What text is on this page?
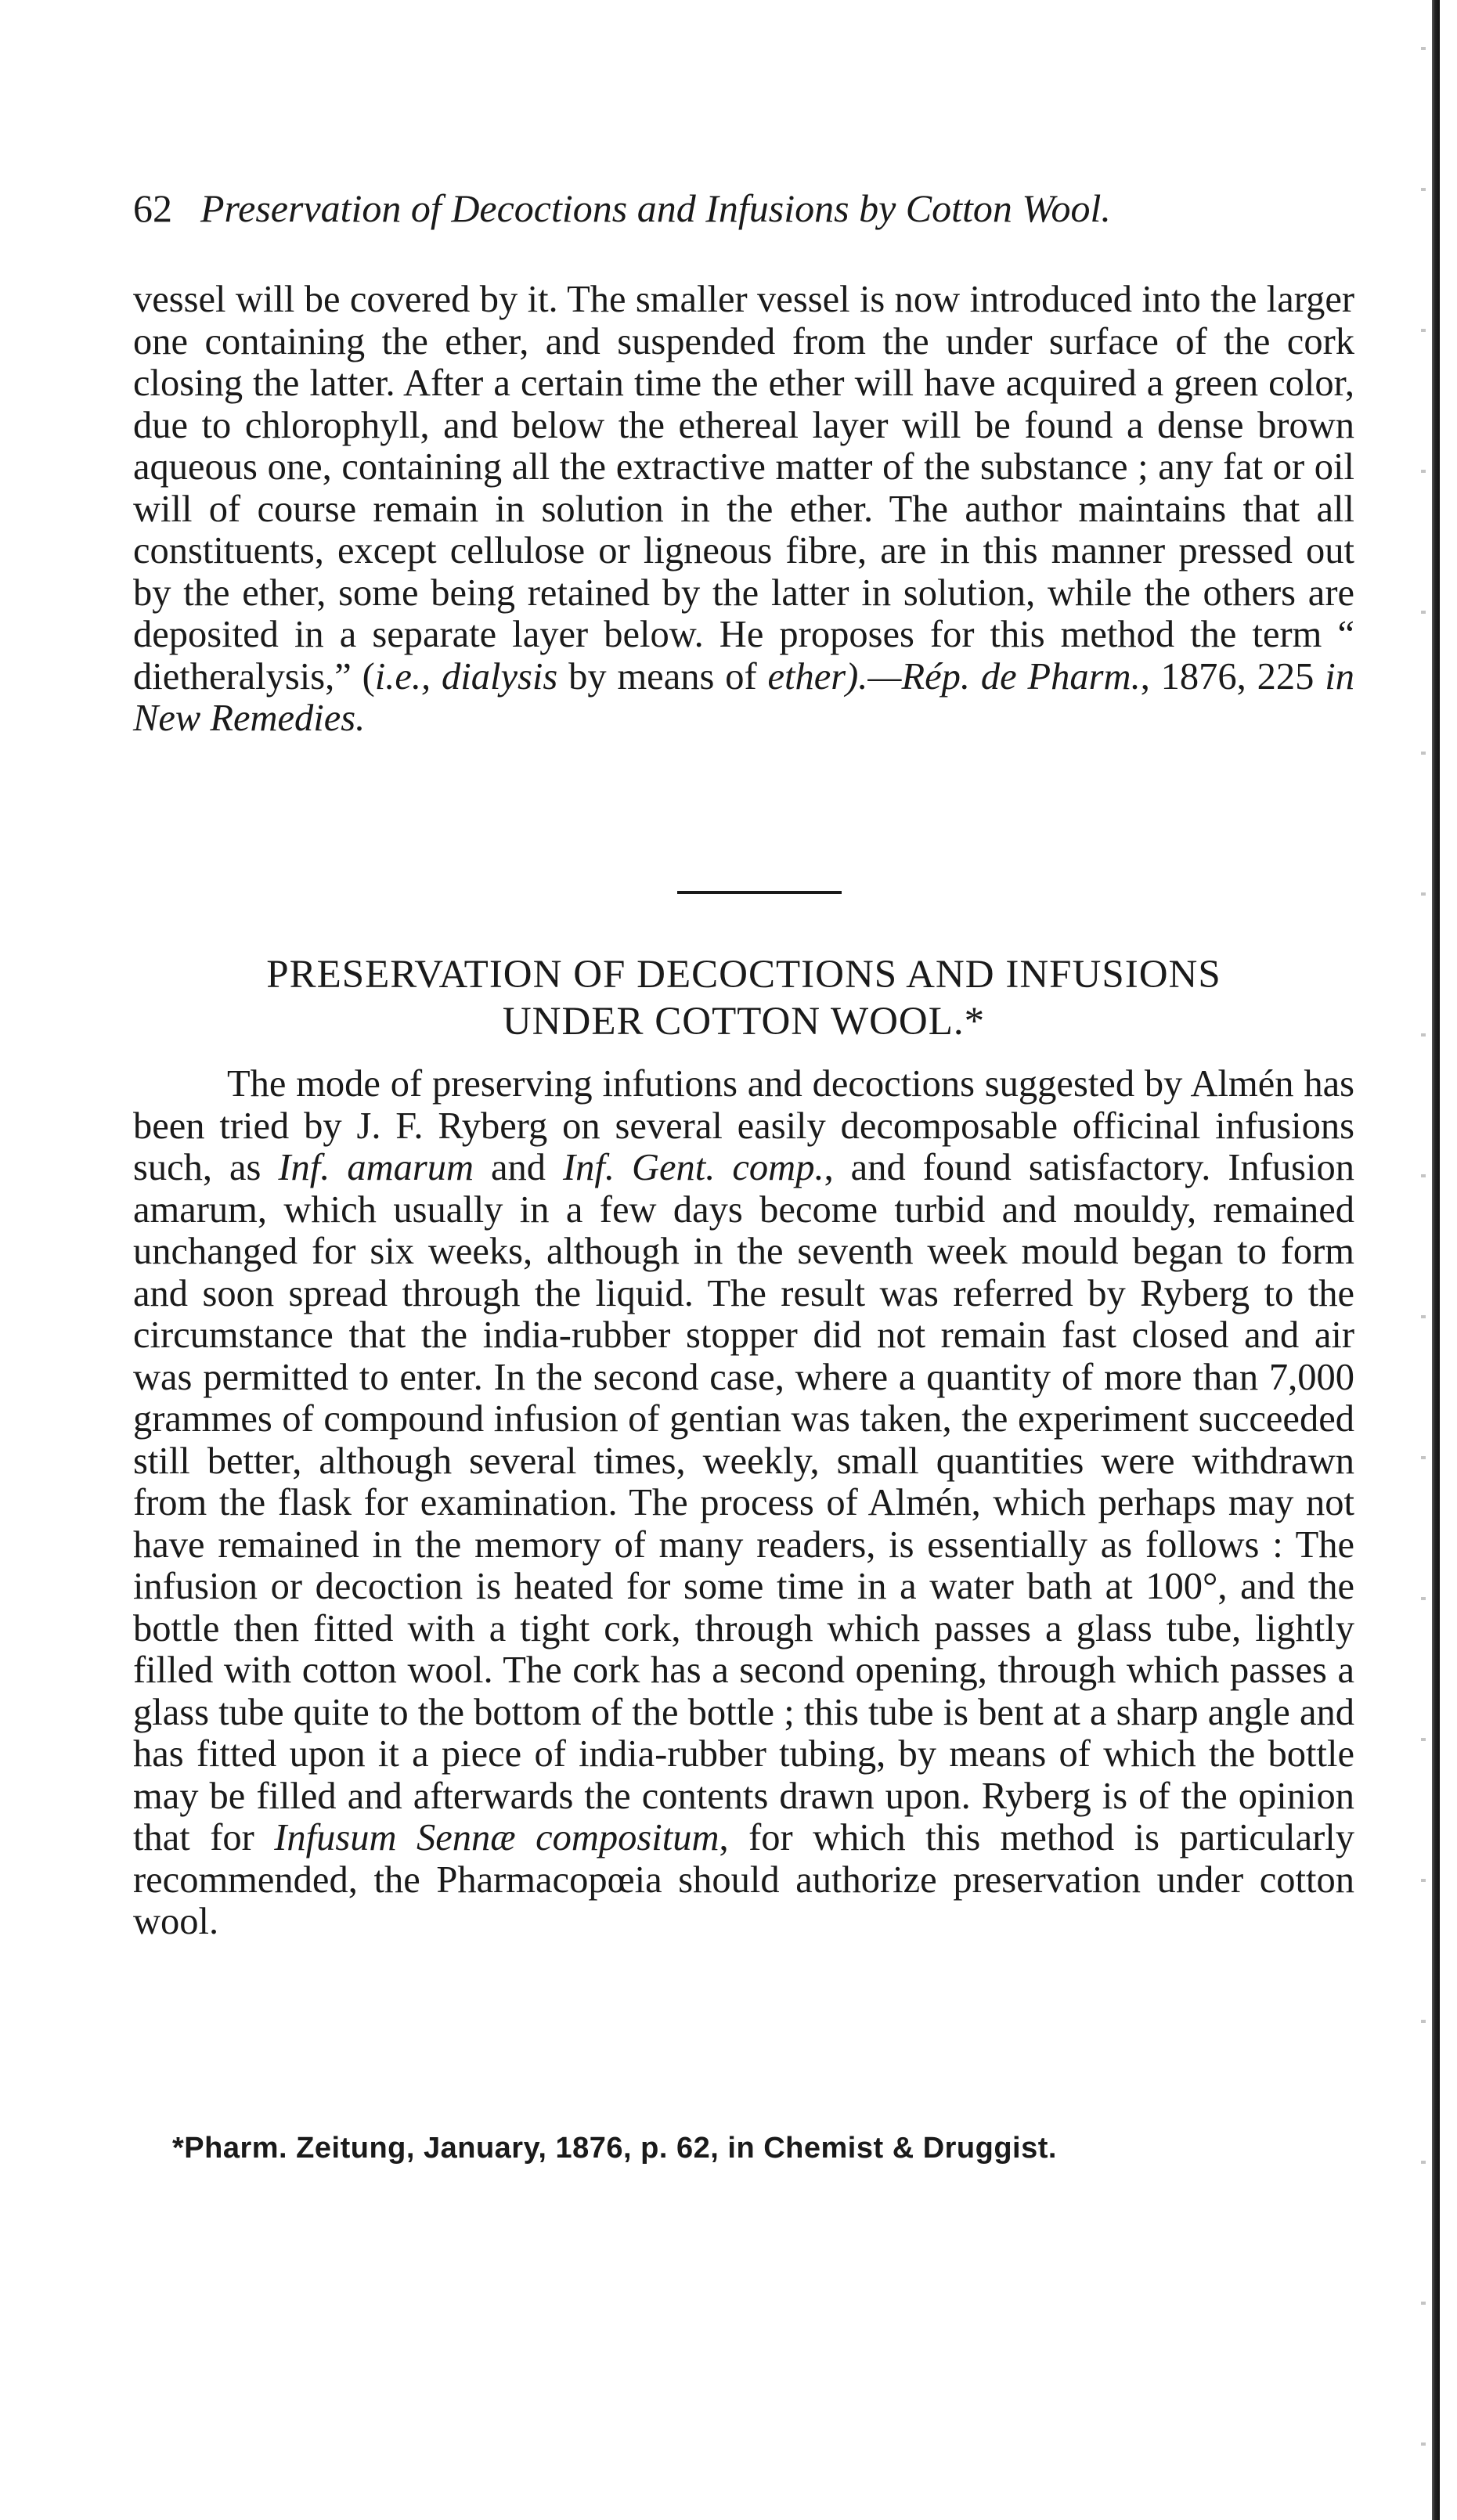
62 Preservation of Decoctions and Infusions by Cotton Wool.

vessel will be covered by it. The smaller vessel is now introduced into the larger one containing the ether, and suspended from the under surface of the cork closing the latter. After a certain time the ether will have acquired a green color, due to chlorophyll, and below the ethereal layer will be found a dense brown aqueous one, containing all the extractive matter of the substance ; any fat or oil will of course remain in solution in the ether. The author maintains that all constituents, except cellulose or ligneous fibre, are in this manner pressed out by the ether, some being retained by the latter in solution, while the others are deposited in a separate layer below. He proposes for this method the term “ dietheralysis,” (i.e., dialysis by means of ether).—Rép. de Pharm., 1876, 225 in New Remedies.

PRESERVATION OF DECOCTIONS AND INFUSIONS
UNDER COTTON WOOL.*

The mode of preserving infutions and decoctions suggested by Almén has been tried by J. F. Ryberg on several easily decomposable officinal infusions such, as Inf. amarum and Inf. Gent. comp., and found satisfactory. Infusion amarum, which usually in a few days become turbid and mouldy, remained unchanged for six weeks, although in the seventh week mould began to form and soon spread through the liquid. The result was referred by Ryberg to the circumstance that the india-rubber stopper did not remain fast closed and air was permitted to enter. In the second case, where a quantity of more than 7,000 grammes of compound infusion of gentian was taken, the experiment succeeded still better, although several times, weekly, small quantities were withdrawn from the flask for examination. The process of Almén, which perhaps may not have remained in the memory of many readers, is essentially as follows : The infusion or decoction is heated for some time in a water bath at 100°, and the bottle then fitted with a tight cork, through which passes a glass tube, lightly filled with cotton wool. The cork has a second opening, through which passes a glass tube quite to the bottom of the bottle ; this tube is bent at a sharp angle and has fitted upon it a piece of india-rubber tubing, by means of which the bottle may be filled and afterwards the contents drawn upon. Ryberg is of the opinion that for Infusum Sennæ compositum, for which this method is particularly recommended, the Pharmacopœia should authorize preservation under cotton wool.

*Pharm. Zeitung, January, 1876, p. 62, in Chemist & Druggist.
